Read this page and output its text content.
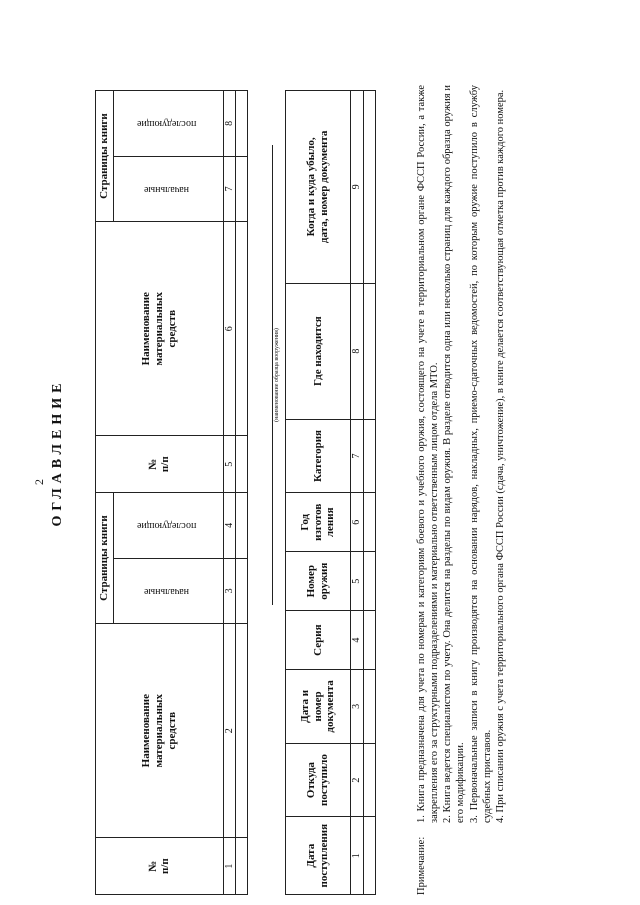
2 ОГЛАВЛЕНИЕ
№
п/п	Наименование
материальных
средств	Страницы книги		№
п/п	Наименование
материальных
средств	Страницы книги	
		начальные	последующие			начальные	последующие
1	2	3	4	5	6	7	8

(наименование образца вооружения)
Дата
поступления	Откуда
поступило	Дата и
номер
документа	Серия	Номер
оружия	Год
изготов
ления	Категория	Где находится	Когда и куда убыло,
дата, номер документа
1	2	3	4	5	6	7	8	9

Примечание:

1. Книга предназначена для учета по номерам и категориям боевого и учебного оружия, состоящего на учете в территориальном органе ФССП России, а также закрепления его за структурными подразделениями и материально ответственным лицом отдела МТО. 2. Книга ведется специалистом по учету. Она делится на разделы по видам оружия. В разделе отводится одна или несколько страниц для каждого образца оружия и его модификации. 3. Первоначальные записи в книгу производятся на основании нарядов, накладных, приемо-сдаточных ведомостей, по которым оружие поступило в службу судебных приставов. 4. При списании оружия с учета территориального органа ФССП России (сдача, уничтожение), в книге делается соответствующая отметка против каждого номера.
